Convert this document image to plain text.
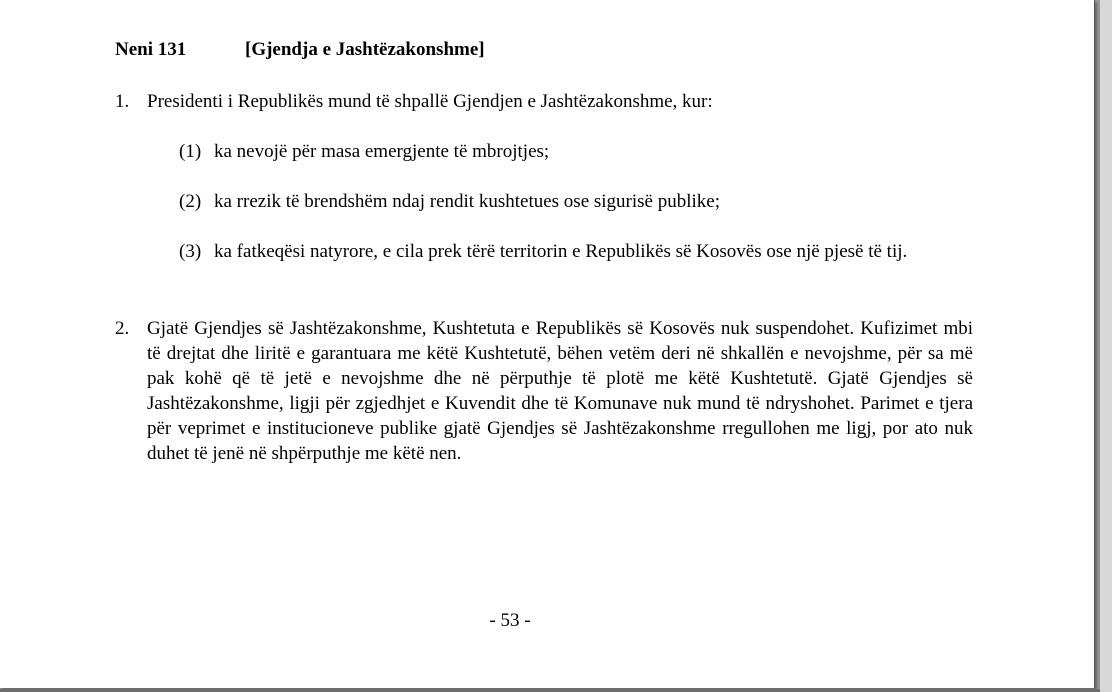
Neni 131	[Gjendja e Jashtëzakonshme]
1. Presidenti i Republikës mund të shpallë Gjendjen e Jashtëzakonshme, kur:
(1) ka nevojë për masa emergjente të mbrojtjes;
(2) ka rrezik të brendshëm ndaj rendit kushtetues ose sigurisë publike;
(3) ka fatkeqësi natyrore, e cila prek tërë territorin e Republikës së Kosovës ose një pjesë të tij.
2. Gjatë Gjendjes së Jashtëzakonshme, Kushtetuta e Republikës së Kosovës nuk suspendohet. Kufizimet mbi të drejtat dhe liritë e garantuara me këtë Kushtetutë, bëhen vetëm deri në shkallën e nevojshme, për sa më pak kohë që të jetë e nevojshme dhe në përputhje të plotë me këtë Kushtetutë. Gjatë Gjendjes së Jashtëzakonshme, ligji për zgjedhjet e Kuvendit dhe të Komunave nuk mund të ndryshohet. Parimet e tjera për veprimet e institucioneve publike gjatë Gjendjes së Jashtëzakonshme rregullohen me ligj, por ato nuk duhet të jenë në shpërputhje me këtë nen.
- 53 -
